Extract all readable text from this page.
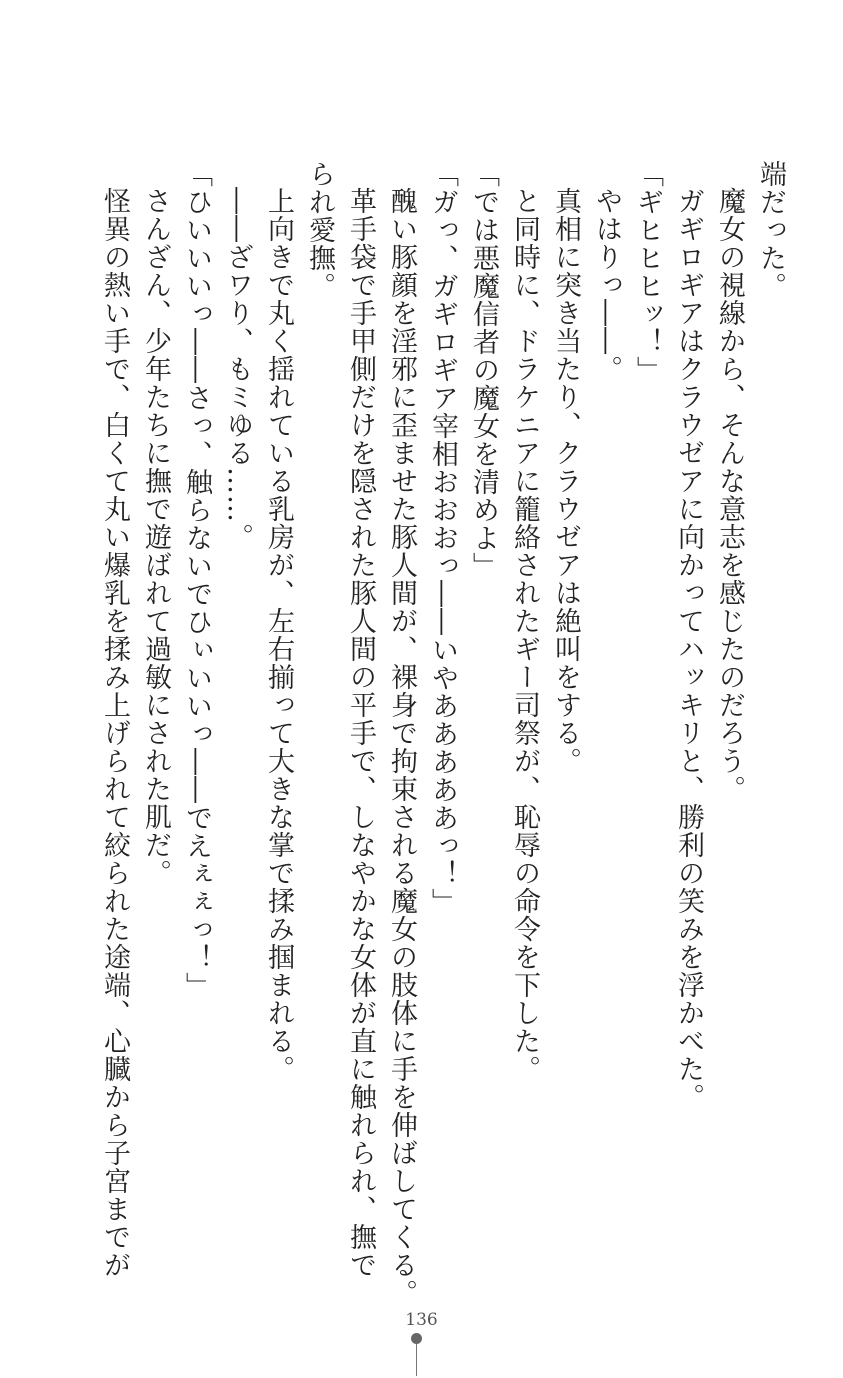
端だった。
魔女の視線から、そんな意志を感じたのだろう。
ガギロギアはクラウゼアに向かってハッキリと、勝利の笑みを浮かべた。
「ギヒヒヒッ！」
やはりっ――。
真相に突き当たり、クラウゼアは絶叫をする。
と同時に、ドラケニアに籠絡されたギー司祭が、恥辱の命令を下した。
「では悪魔信者の魔女を清めよ」
「ガっ、ガギロギア宰相おおおっ――いやあああああっ！」
醜い豚顔を淫邪に歪ませた豚人間が、裸身で拘束される魔女の肢体に手を伸ばしてくる。
革手袋で手甲側だけを隠された豚人間の平手で、しなやかな女体が直に触れられ、撫で
られ愛撫。
上向きで丸く揺れている乳房が、左右揃って大きな掌で揉み掴まれる。
――ざワり、もミゆる……。
「ひいいいっ――さっ、触らないでひぃいいっ――でえぇぇっ！」
さんざん、少年たちに撫で遊ばれて過敏にされた肌だ。
怪異の熱い手で、白くて丸い爆乳を揉み上げられて絞られた途端、心臓から子宮までが
136
